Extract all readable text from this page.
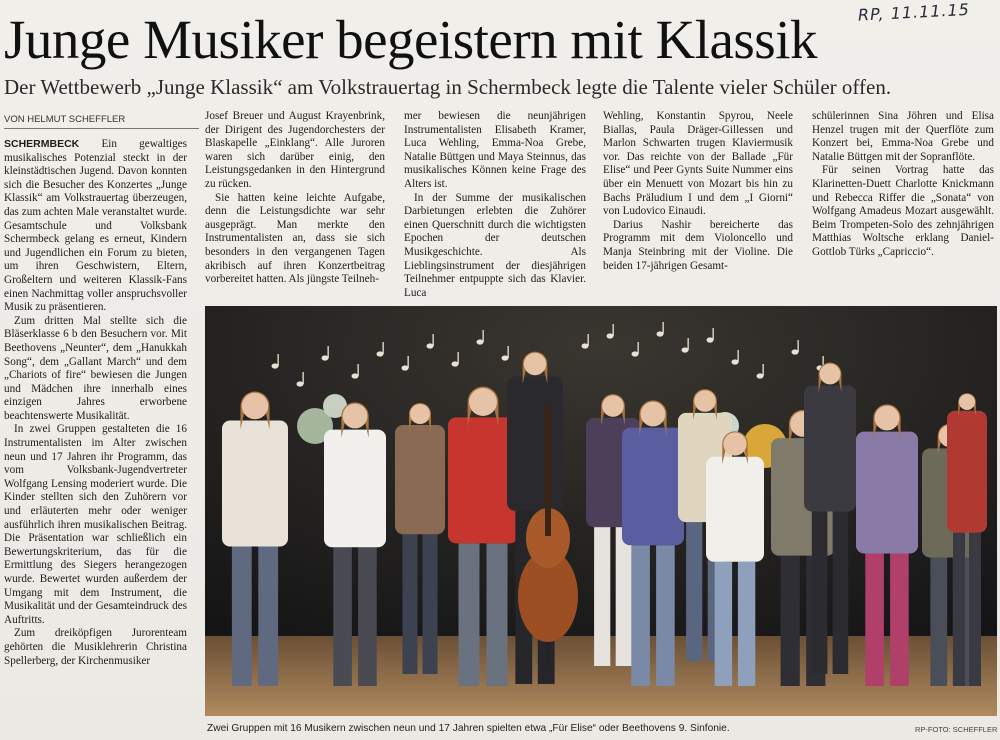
RP, 11.11.15
Junge Musiker begeistern mit Klassik
Der Wettbewerb „Junge Klassik“ am Volkstrauertag in Schermbeck legte die Talente vieler Schüler offen.
VON HELMUT SCHEFFLER

SCHERMBECK Ein gewaltiges musikalisches Potenzial steckt in der kleinstädtischen Jugend. Davon konnten sich die Besucher des Konzertes „Junge Klassik“ am Volkstrauertag überzeugen, das zum achten Male veranstaltet wurde. Gesamtschule und Volksbank Schermbeck gelang es erneut, Kindern und Jugendlichen ein Forum zu bieten, um ihren Geschwistern, Eltern, Großeltern und weiteren Klassik-Fans einen Nachmittag voller anspruchsvoller Musik zu präsentieren.

Zum dritten Mal stellte sich die Bläserklasse 6 b den Besuchern vor. Mit Beethovens „Neunter“, dem „Hanukkah Song“, dem „Gallant March“ und dem „Chariots of fire“ bewiesen die Jungen und Mädchen ihre innerhalb eines einzigen Jahres erworbene beachtenswerte Musikalität.

In zwei Gruppen gestalteten die 16 Instrumentalisten im Alter zwischen neun und 17 Jahren ihr Programm, das vom Volksbank-Jugendvertreter Wolfgang Lensing moderiert wurde. Die Kinder stellten sich den Zuhörern vor und erläuterten mehr oder weniger ausführlich ihren musikalischen Beitrag. Die Präsentation war schließlich ein Bewertungskriterium, das für die Ermittlung des Siegers herangezogen wurde. Bewertet wurden außerdem der Umgang mit dem Instrument, die Musikalität und der Gesamteindruck des Auftritts.

Zum dreiköpfigen Jurorenteam gehörten die Musiklehrerin Christina Spellerberg, der Kirchenmusiker

Josef Breuer und August Krayenbrink, der Dirigent des Jugendorchesters der Blaskapelle „Einklang“. Alle Juroren waren sich darüber einig, den Leistungsgedanken in den Hintergrund zu rücken.

Sie hatten keine leichte Aufgabe, denn die Leistungsdichte war sehr ausgeprägt. Man merkte den Instrumentalisten an, dass sie sich besonders in den vergangenen Tagen akribisch auf ihren Konzertbeitrag vorbereitet hatten. Als jüngste Teilneh-

mer bewiesen die neunjährigen Instrumentalisten Elisabeth Kramer, Luca Wehling, Emma-Noa Grebe, Natalie Büttgen und Maya Steinnus, das musikalisches Können keine Frage des Alters ist.

In der Summe der musikalischen Darbietungen erlebten die Zuhörer einen Querschnitt durch die wichtigsten Epochen der deutschen Musikgeschichte. Als Lieblingsinstrument der diesjährigen Teilnehmer entpuppte sich das Klavier. Luca

Wehling, Konstantin Spyrou, Neele Biallas, Paula Dräger-Gillessen und Marlon Schwarten trugen Klaviermusik vor. Das reichte von der Ballade „Für Elise“ und Peer Gynts Suite Nummer eins über ein Menuett von Mozart bis hin zu Bachs Präludium I und dem „I Giorni“ von Ludovico Einaudi.

Darius Nashir bereicherte das Programm mit dem Violoncello und Manja Steinbring mit der Violine. Die beiden 17-jährigen Gesamt-

schülerinnen Sina Jöhren und Elisa Henzel trugen mit der Querflöte zum Konzert bei, Emma-Noa Grebe und Natalie Büttgen mit der Sopranflöte.

Für seinen Vortrag hatte das Klarinetten-Duett Charlotte Knickmann und Rebecca Riffer die „Sonata“ von Wolfgang Amadeus Mozart ausgewählt. Beim Trompeten-Solo des zehnjährigen Matthias Woltsche erklang Daniel-Gottlob Türks „Capriccio“.

Zwei Gruppen mit 16 Musikern zwischen neun und 17 Jahren spielten etwa „Für Elise“ oder Beethovens 9. Sinfonie.	RP-FOTO: SCHEFFLER
